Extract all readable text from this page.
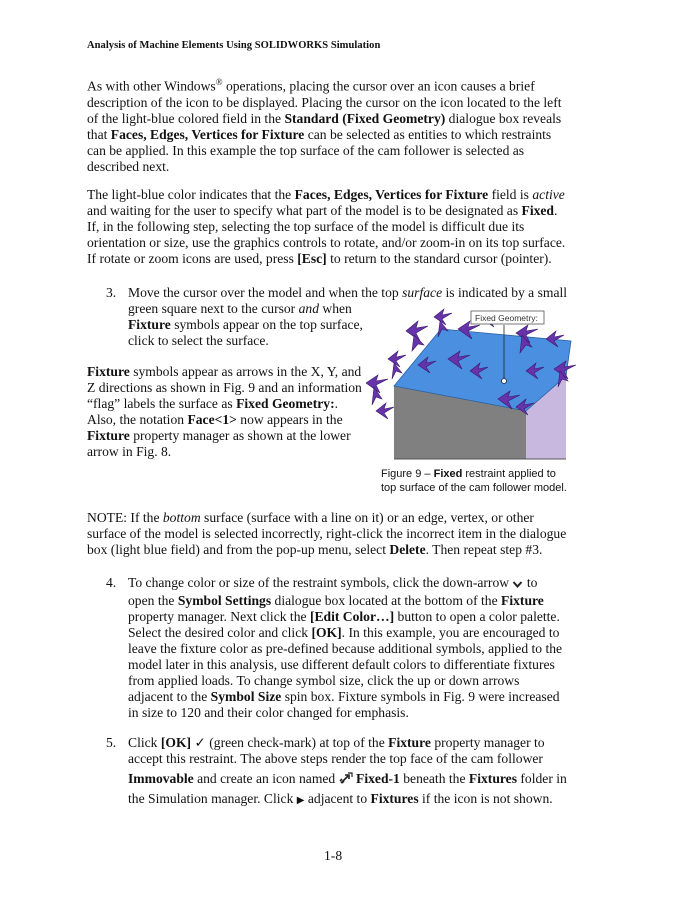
Analysis of Machine Elements Using SOLIDWORKS Simulation
As with other Windows® operations, placing the cursor over an icon causes a brief
description of the icon to be displayed. Placing the cursor on the icon located to the left
of the light-blue colored field in the Standard (Fixed Geometry) dialogue box reveals
that Faces, Edges, Vertices for Fixture can be selected as entities to which restraints
can be applied. In this example the top surface of the cam follower is selected as
described next.
The light-blue color indicates that the Faces, Edges, Vertices for Fixture field is active
and waiting for the user to specify what part of the model is to be designated as Fixed.
If, in the following step, selecting the top surface of the model is difficult due its
orientation or size, use the graphics controls to rotate, and/or zoom-in on its top surface.
If rotate or zoom icons are used, press [Esc] to return to the standard cursor (pointer).
3. Move the cursor over the model and when the top surface is indicated by a small
green square next to the cursor and when
Fixture symbols appear on the top surface,
click to select the surface.
Fixture symbols appear as arrows in the X, Y, and
Z directions as shown in Fig. 9 and an information
“flag” labels the surface as Fixed Geometry:.
Also, the notation Face<1> now appears in the
Fixture property manager as shown at the lower
arrow in Fig. 8.
Fixed Geometry:
Figure 9 – Fixed restraint applied to
top surface of the cam follower model.
NOTE: If the bottom surface (surface with a line on it) or an edge, vertex, or other
surface of the model is selected incorrectly, right-click the incorrect item in the dialogue
box (light blue field) and from the pop-up menu, select Delete. Then repeat step #3.
4. To change color or size of the restraint symbols, click the down-arrow  to
open the Symbol Settings dialogue box located at the bottom of the Fixture
property manager. Next click the [Edit Color…] button to open a color palette.
Select the desired color and click [OK]. In this example, you are encouraged to
leave the fixture color as pre-defined because additional symbols, applied to the
model later in this analysis, use different default colors to differentiate fixtures
from applied loads. To change symbol size, click the up or down arrows
adjacent to the Symbol Size spin box. Fixture symbols in Fig. 9 were increased
in size to 120 and their color changed for emphasis.
5. Click [OK] ✓ (green check-mark) at top of the Fixture property manager to
accept this restraint. The above steps render the top face of the cam follower
Immovable and create an icon named  Fixed-1 beneath the Fixtures folder in
the Simulation manager. Click ▶ adjacent to Fixtures if the icon is not shown.
1-8
